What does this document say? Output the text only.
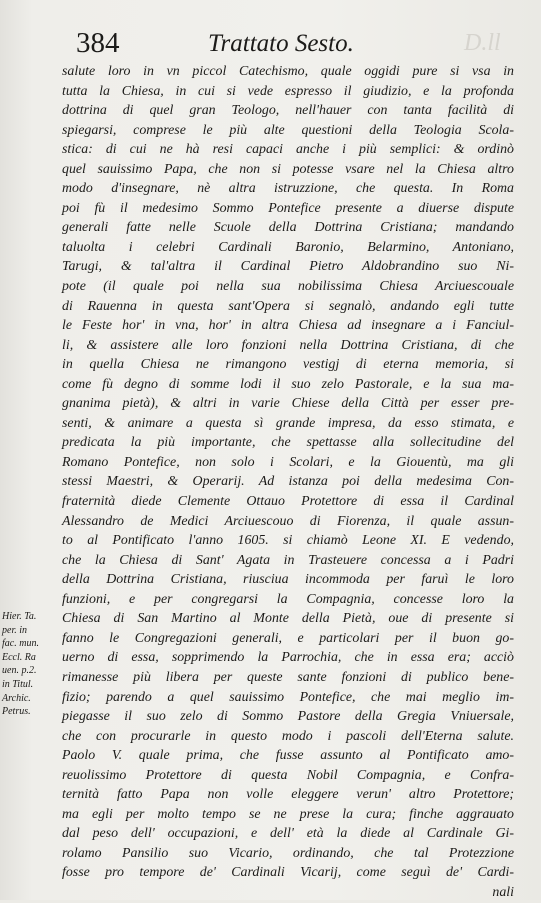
384	Trattato Sesto.	D.ll
salute loro in vn piccol Catechismo, quale oggidi pure si vsa in
tutta la Chiesa, in cui si vede espresso il giudizio, e la profonda
dottrina di quel gran Teologo, nell'hauer con tanta facilità di
spiegarsi, comprese le più alte questioni della Teologia Scola-
stica: di cui ne hà resi capaci anche i più semplici: & ordinò
quel sauissimo Papa, che non si potesse vsare nel la Chiesa altro
modo d'insegnare, nè altra istruzzione, che questa. In Roma
poi fù il medesimo Sommo Pontefice presente a diuerse dispute
generali fatte nelle Scuole della Dottrina Cristiana; mandando
taluolta i celebri Cardinali Baronio, Belarmino, Antoniano,
Tarugi, & tal'altra il Cardinal Pietro Aldobrandino suo Ni-
pote (il quale poi nella sua nobilissima Chiesa Arciuescouale
di Rauenna in questa sant'Opera si segnalò, andando egli tutte
le Feste hor' in vna, hor' in altra Chiesa ad insegnare a i Fanciul-
li, & assistere alle loro fonzioni nella Dottrina Cristiana, di che
in quella Chiesa ne rimangono vestigj di eterna memoria, si
come fù degno di somme lodi il suo zelo Pastorale, e la sua ma-
gnanima pietà), & altri in varie Chiese della Città per esser pre-
senti, & animare a questa sì grande impresa, da esso stimata, e
predicata la più importante, che spettasse alla sollecitudine del
Romano Pontefice, non solo i Scolari, e la Giouentù, ma gli
stessi Maestri, & Operarij. Ad istanza poi della medesima Con-
fraternità diede Clemente Ottauo Protettore di essa il Cardinal
Alessandro de Medici Arciuescouo di Fiorenza, il quale assun-
to al Pontificato l'anno 1605. si chiamò Leone XI. E vedendo,
che la Chiesa di Sant' Agata in Trasteuere concessa a i Padri
della Dottrina Cristiana, riusciua incommoda per faruì le loro
funzioni, e per congregarsi la Compagnia, concesse loro la
Chiesa di San Martino al Monte della Pietà, oue di presente si
fanno le Congregazioni generali, e particolari per il buon go-
uerno di essa, sopprimendo la Parrochia, che in essa era; acciò
rimanesse più libera per queste sante fonzioni di publico bene-
fizio; parendo a quel sauissimo Pontefice, che mai meglio im-
piegasse il suo zelo di Sommo Pastore della Gregia Vniuersale,
che con procurarle in questo modo i pascoli dell'Eterna salute.
Paolo V. quale prima, che fusse assunto al Pontificato amo-
reuolissimo Protettore di questa Nobil Compagnia, e Confra-
ternità fatto Papa non volle eleggere verun' altro Protettore;
ma egli per molto tempo se ne prese la cura; finche aggrauato
dal peso dell' occupazioni, e dell' età la diede al Cardinale Gi-
rolamo Pansilio suo Vicario, ordinando, che tal Protezzione
fosse pro tempore de' Cardinali Vicarij, come seguì de' Cardi-
nali
Hier. Ta.
per. in
fac. mun.
Eccl. Ra
uen. p.2.
in Titul.
Archic.
Petrus.
